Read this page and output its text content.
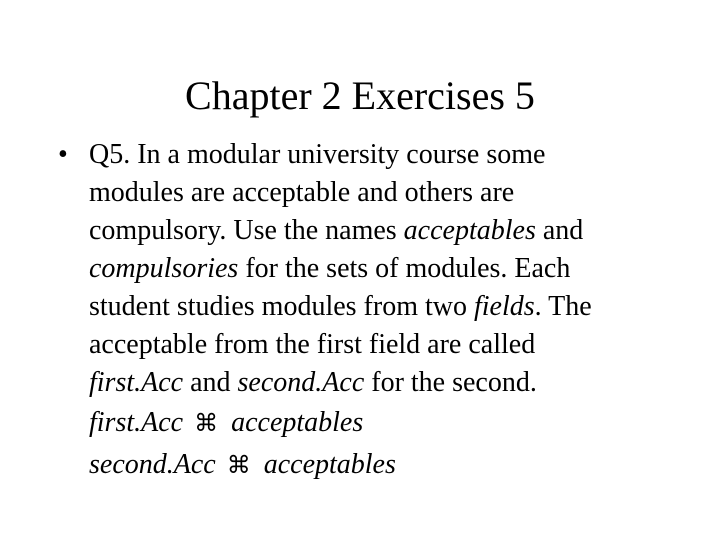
Chapter 2 Exercises 5
• Q5. In a modular university course some
modules are acceptable and others are
compulsory. Use the names acceptables and
compulsories for the sets of modules. Each
student studies modules from two fields. The
acceptable from the first field are called
first.Acc and second.Acc for the second.
first.Acc ⌘ acceptables
second.Acc ⌘ acceptables
